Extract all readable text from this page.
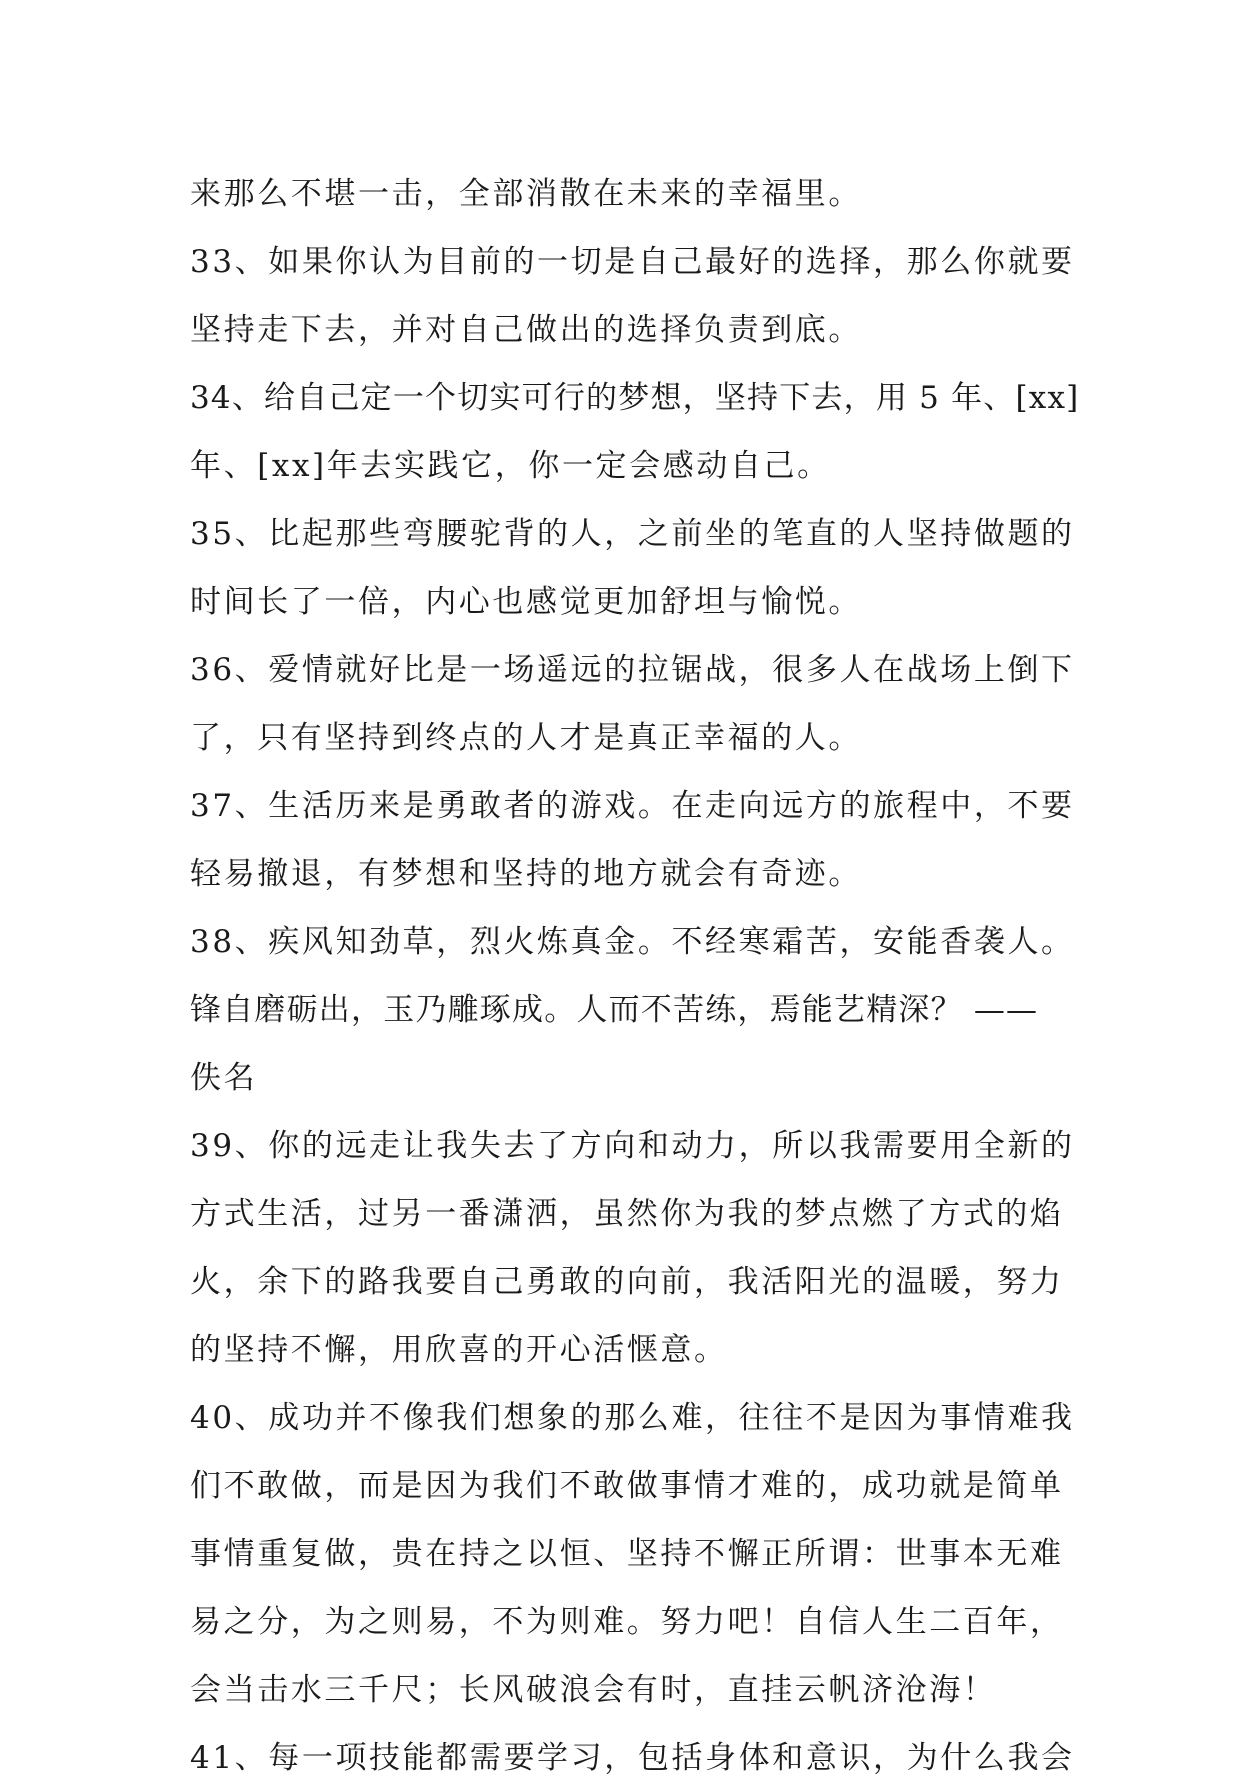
来那么不堪一击，全部消散在未来的幸福里。
33、如果你认为目前的一切是自己最好的选择，那么你就要
坚持走下去，并对自己做出的选择负责到底。
34、给自己定一个切实可行的梦想，坚持下去，用 5 年、[xx]
年、[xx]年去实践它，你一定会感动自己。
35、比起那些弯腰驼背的人，之前坐的笔直的人坚持做题的
时间长了一倍，内心也感觉更加舒坦与愉悦。
36、爱情就好比是一场遥远的拉锯战，很多人在战场上倒下
了，只有坚持到终点的人才是真正幸福的人。
37、生活历来是勇敢者的游戏。在走向远方的旅程中，不要
轻易撤退，有梦想和坚持的地方就会有奇迹。
38、疾风知劲草，烈火炼真金。不经寒霜苦，安能香袭人。
锋自磨砺出，玉乃雕琢成。人而不苦练，焉能艺精深？ ——
佚名
39、你的远走让我失去了方向和动力，所以我需要用全新的
方式生活，过另一番潇洒，虽然你为我的梦点燃了方式的焰
火，余下的路我要自己勇敢的向前，我活阳光的温暖，努力
的坚持不懈，用欣喜的开心活惬意。
40、成功并不像我们想象的那么难，往往不是因为事情难我
们不敢做，而是因为我们不敢做事情才难的，成功就是简单
事情重复做，贵在持之以恒、坚持不懈正所谓：世事本无难
易之分，为之则易，不为则难。努力吧！自信人生二百年，
会当击水三千尺；长风破浪会有时，直挂云帆济沧海！
41、每一项技能都需要学习，包括身体和意识，为什么我会
